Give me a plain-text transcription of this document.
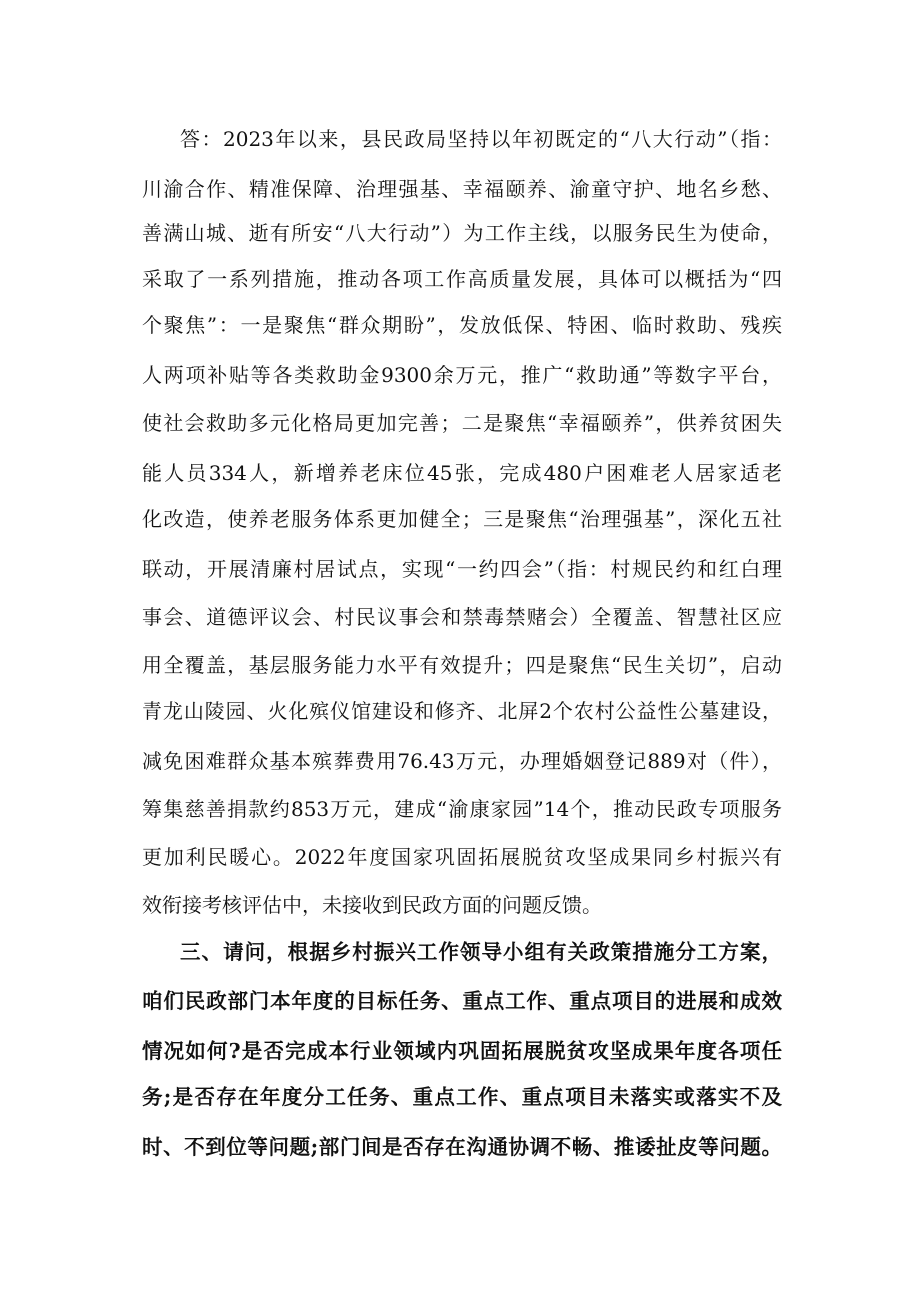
答：2023年以来，县民政局坚持以年初既定的“八大行动”（指：
川渝合作、精准保障、治理强基、幸福颐养、渝童守护、地名乡愁、
善满山城、逝有所安“八大行动”）为工作主线，以服务民生为使命，
采取了一系列措施，推动各项工作高质量发展，具体可以概括为“四
个聚焦”：一是聚焦“群众期盼”，发放低保、特困、临时救助、残疾
人两项补贴等各类救助金9300余万元，推广“救助通”等数字平台，
使社会救助多元化格局更加完善；二是聚焦“幸福颐养”，供养贫困失
能人员334人，新增养老床位45张，完成480户困难老人居家适老
化改造，使养老服务体系更加健全；三是聚焦“治理强基”，深化五社
联动，开展清廉村居试点，实现“一约四会”（指：村规民约和红白理
事会、道德评议会、村民议事会和禁毒禁赌会）全覆盖、智慧社区应
用全覆盖，基层服务能力水平有效提升；四是聚焦“民生关切”，启动
青龙山陵园、火化殡仪馆建设和修齐、北屏2个农村公益性公墓建设，
减免困难群众基本殡葬费用76.43万元，办理婚姻登记889对（件），
筹集慈善捐款约853万元，建成“渝康家园”14个，推动民政专项服务
更加利民暖心。2022年度国家巩固拓展脱贫攻坚成果同乡村振兴有
效衔接考核评估中，未接收到民政方面的问题反馈。
三、请问，根据乡村振兴工作领导小组有关政策措施分工方案，
咱们民政部门本年度的目标任务、重点工作、重点项目的进展和成效
情况如何?是否完成本行业领域内巩固拓展脱贫攻坚成果年度各项任
务;是否存在年度分工任务、重点工作、重点项目未落实或落实不及
时、不到位等问题;部门间是否存在沟通协调不畅、推诿扯皮等问题。
